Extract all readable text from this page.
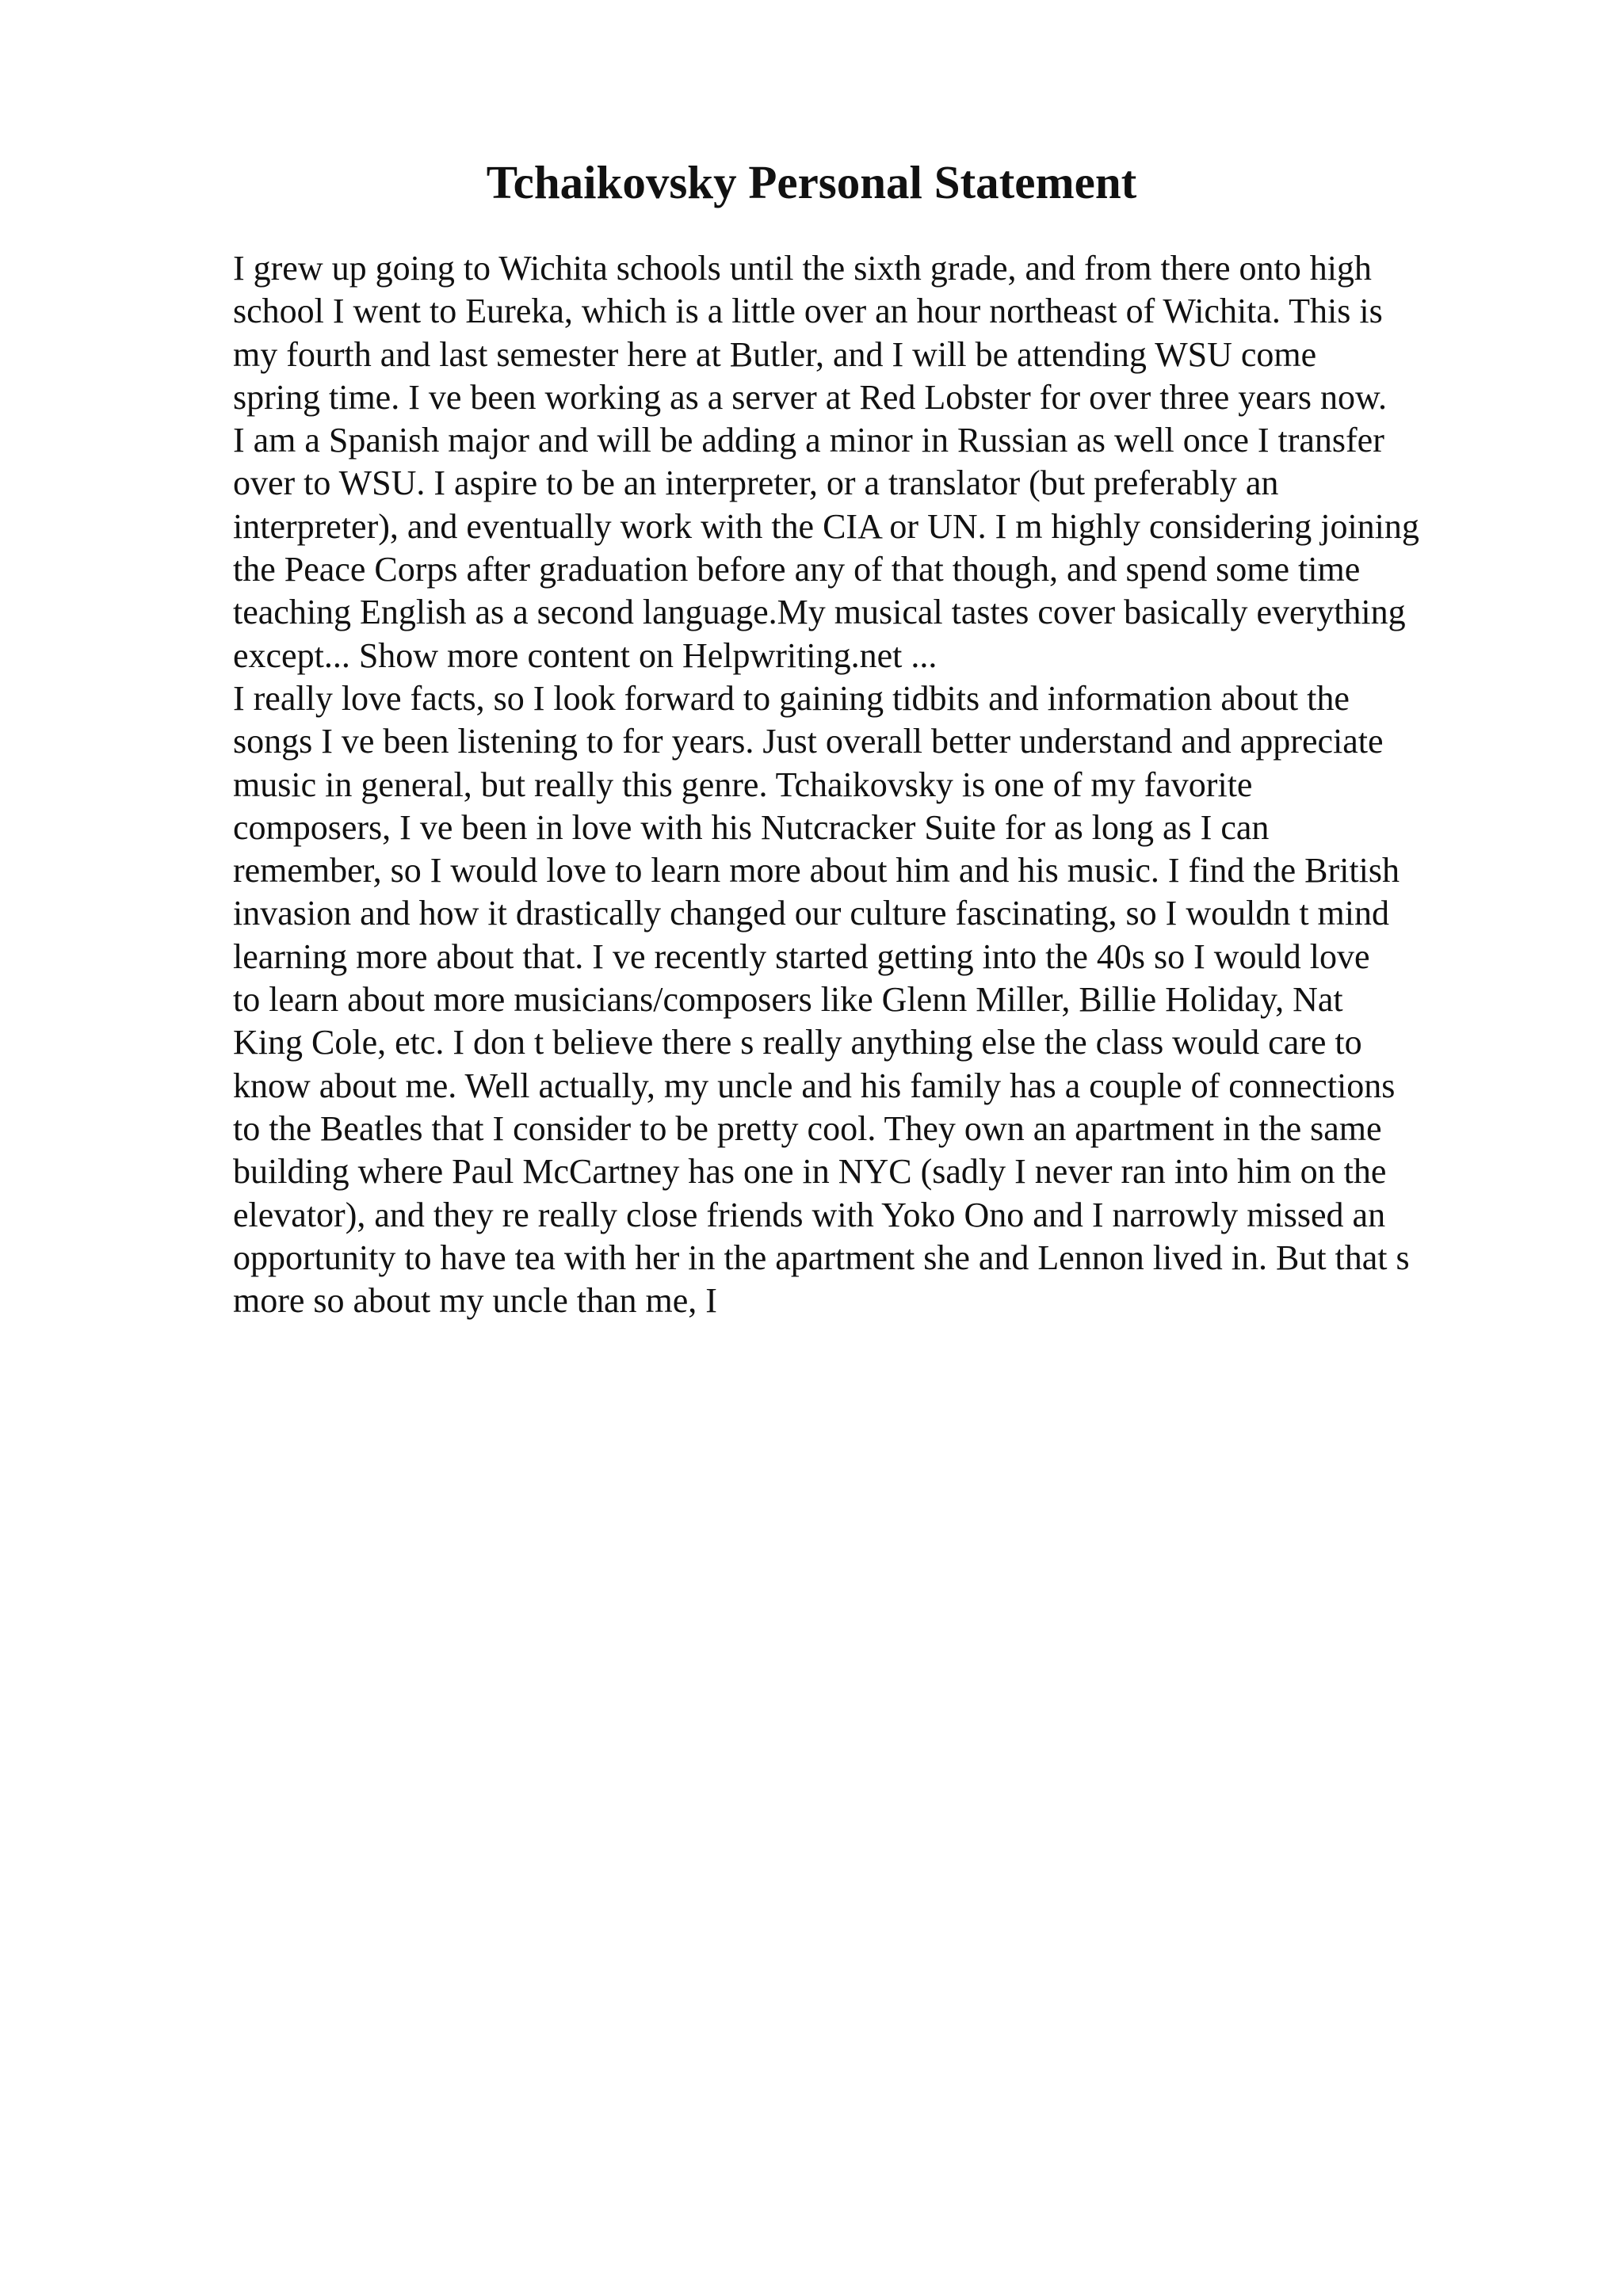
Tchaikovsky Personal Statement
I grew up going to Wichita schools until the sixth grade, and from there onto high
school I went to Eureka, which is a little over an hour northeast of Wichita. This is
my fourth and last semester here at Butler, and I will be attending WSU come
spring time. I ve been working as a server at Red Lobster for over three years now.
I am a Spanish major and will be adding a minor in Russian as well once I transfer
over to WSU. I aspire to be an interpreter, or a translator (but preferably an
interpreter), and eventually work with the CIA or UN. I m highly considering joining
the Peace Corps after graduation before any of that though, and spend some time
teaching English as a second language.My musical tastes cover basically everything
except... Show more content on Helpwriting.net ...
I really love facts, so I look forward to gaining tidbits and information about the
songs I ve been listening to for years. Just overall better understand and appreciate
music in general, but really this genre. Tchaikovsky is one of my favorite
composers, I ve been in love with his Nutcracker Suite for as long as I can
remember, so I would love to learn more about him and his music. I find the British
invasion and how it drastically changed our culture fascinating, so I wouldn t mind
learning more about that. I ve recently started getting into the 40s so I would love
to learn about more musicians/composers like Glenn Miller, Billie Holiday, Nat
King Cole, etc. I don t believe there s really anything else the class would care to
know about me. Well actually, my uncle and his family has a couple of connections
to the Beatles that I consider to be pretty cool. They own an apartment in the same
building where Paul McCartney has one in NYC (sadly I never ran into him on the
elevator), and they re really close friends with Yoko Ono and I narrowly missed an
opportunity to have tea with her in the apartment she and Lennon lived in. But that s
more so about my uncle than me, I
